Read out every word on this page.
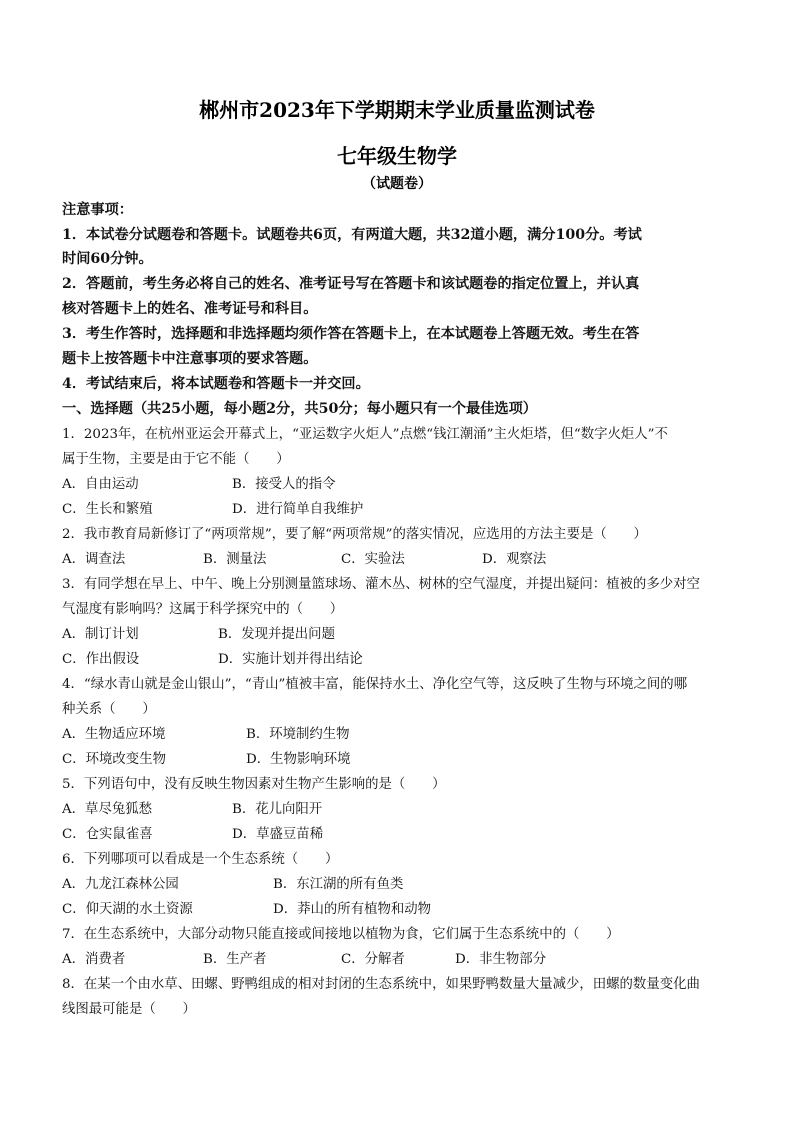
郴州市2023年下学期期末学业质量监测试卷
七年级生物学
（试题卷）
注意事项：
1．本试卷分试题卷和答题卡。试题卷共6页，有两道大题，共32道小题，满分100分。考试
时间60分钟。
2．答题前，考生务必将自己的姓名、准考证号写在答题卡和该试题卷的指定位置上，并认真
核对答题卡上的姓名、准考证号和科目。
3．考生作答时，选择题和非选择题均须作答在答题卡上，在本试题卷上答题无效。考生在答
题卡上按答题卡中注意事项的要求答题。
4．考试结束后，将本试题卷和答题卡一并交回。
一、选择题（共25小题，每小题2分，共50分；每小题只有一个最佳选项）
1．2023年，在杭州亚运会开幕式上，“亚运数字火炬人”点燃“钱江潮涌”主火炬塔，但“数字火炬人”不
属于生物，主要是由于它不能（　　）
A．自由运动	B．接受人的指令
C．生长和繁殖	D．进行简单自我维护
2．我市教育局新修订了“两项常规”，要了解“两项常规”的落实情况，应选用的方法主要是（　　）
A．调查法	B．测量法	C．实验法	D．观察法
3．有同学想在早上、中午、晚上分别测量篮球场、灌木丛、树林的空气湿度，并提出疑问：植被的多少对空
气湿度有影响吗？这属于科学探究中的（　　）
A．制订计划	B．发现并提出问题
C．作出假设	D．实施计划并得出结论
4．“绿水青山就是金山银山”，“青山”植被丰富，能保持水土、净化空气等，这反映了生物与环境之间的哪
种关系（　　）
A．生物适应环境	B．环境制约生物
C．环境改变生物	D．生物影响环境
5．下列语句中，没有反映生物因素对生物产生影响的是（　　）
A．草尽兔狐愁	B．花儿向阳开
C．仓实鼠雀喜	D．草盛豆苗稀
6．下列哪项可以看成是一个生态系统（　　）
A．九龙江森林公园	B．东江湖的所有鱼类
C．仰天湖的水土资源	D．莽山的所有植物和动物
7．在生态系统中，大部分动物只能直接或间接地以植物为食，它们属于生态系统中的（　　）
A．消费者	B．生产者	C．分解者	D．非生物部分
8．在某一个由水草、田螺、野鸭组成的相对封闭的生态系统中，如果野鸭数量大量减少，田螺的数量变化曲
线图最可能是（　　）
